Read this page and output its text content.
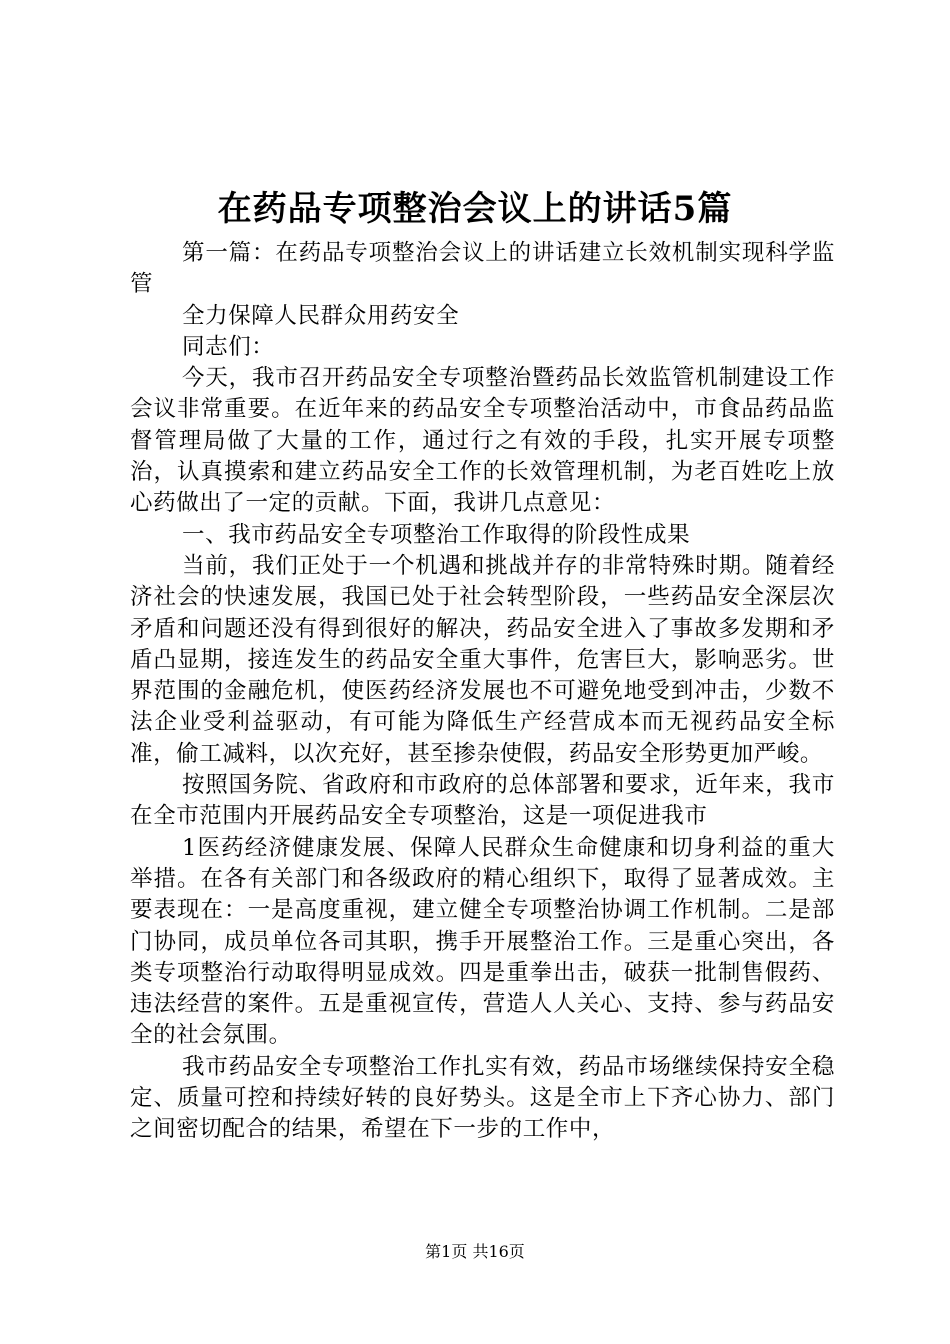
在药品专项整治会议上的讲话5篇

第一篇：在药品专项整治会议上的讲话建立长效机制实现科学监管

全力保障人民群众用药安全

同志们：

今天，我市召开药品安全专项整治暨药品长效监管机制建设工作会议非常重要。在近年来的药品安全专项整治活动中，市食品药品监督管理局做了大量的工作，通过行之有效的手段，扎实开展专项整治，认真摸索和建立药品安全工作的长效管理机制，为老百姓吃上放心药做出了一定的贡献。下面，我讲几点意见：

一、我市药品安全专项整治工作取得的阶段性成果

当前，我们正处于一个机遇和挑战并存的非常特殊时期。随着经济社会的快速发展，我国已处于社会转型阶段，一些药品安全深层次矛盾和问题还没有得到很好的解决，药品安全进入了事故多发期和矛盾凸显期，接连发生的药品安全重大事件，危害巨大，影响恶劣。世界范围的金融危机，使医药经济发展也不可避免地受到冲击，少数不法企业受利益驱动，有可能为降低生产经营成本而无视药品安全标准，偷工减料，以次充好，甚至掺杂使假，药品安全形势更加严峻。

按照国务院、省政府和市政府的总体部署和要求，近年来，我市在全市范围内开展药品安全专项整治，这是一项促进我市

1医药经济健康发展、保障人民群众生命健康和切身利益的重大举措。在各有关部门和各级政府的精心组织下，取得了显著成效。主要表现在：一是高度重视，建立健全专项整治协调工作机制。二是部门协同，成员单位各司其职，携手开展整治工作。三是重心突出，各类专项整治行动取得明显成效。四是重拳出击，破获一批制售假药、违法经营的案件。五是重视宣传，营造人人关心、支持、参与药品安全的社会氛围。

我市药品安全专项整治工作扎实有效，药品市场继续保持安全稳定、质量可控和持续好转的良好势头。这是全市上下齐心协力、部门之间密切配合的结果，希望在下一步的工作中，

第1页 共16页
